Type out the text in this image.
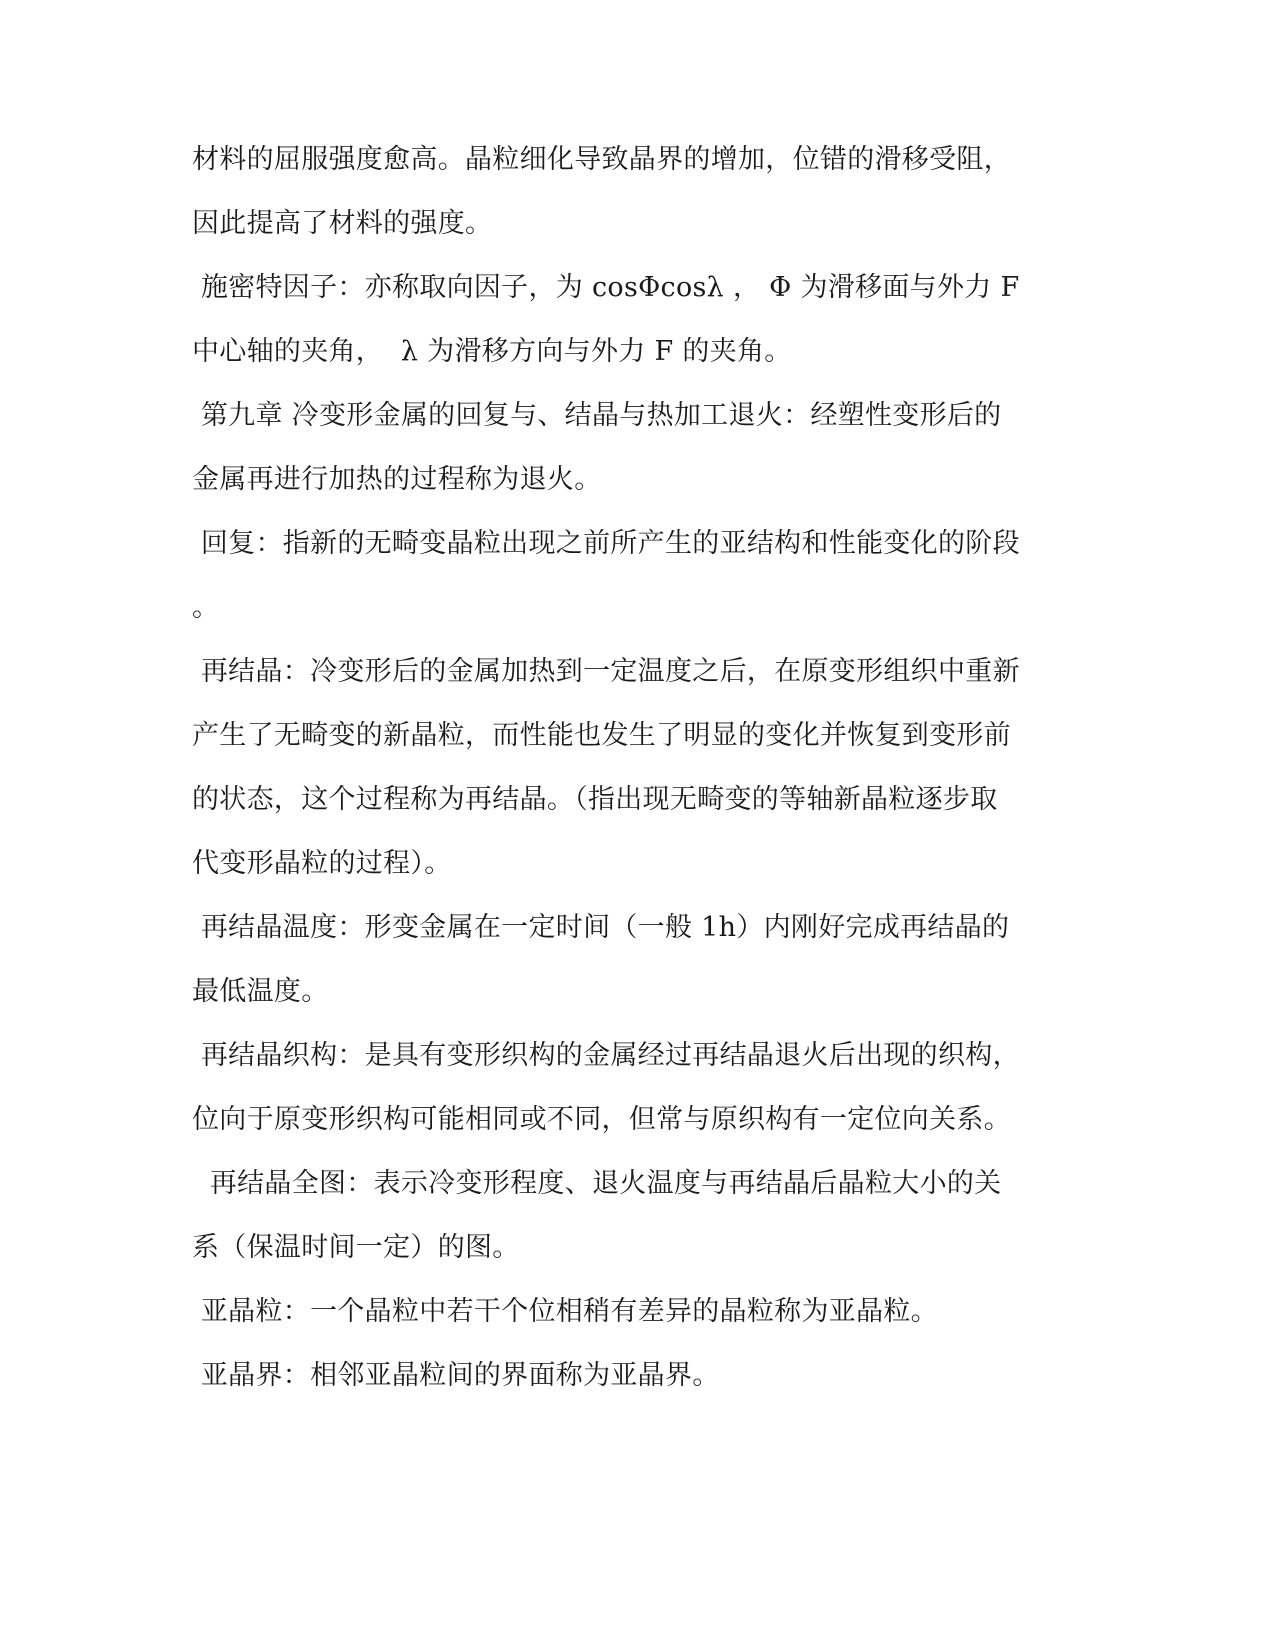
材料的屈服强度愈高。晶粒细化导致晶界的增加，位错的滑移受阻，
因此提高了材料的强度。
施密特因子：亦称取向因子，为 cosΦcosλ ， Φ 为滑移面与外力 F
中心轴的夹角，  λ 为滑移方向与外力 F 的夹角。
第九章 冷变形金属的回复与、结晶与热加工退火：经塑性变形后的
金属再进行加热的过程称为退火。
回复：指新的无畸变晶粒出现之前所产生的亚结构和性能变化的阶段
。
再结晶：冷变形后的金属加热到一定温度之后，在原变形组织中重新
产生了无畸变的新晶粒，而性能也发生了明显的变化并恢复到变形前
的状态，这个过程称为再结晶。（指出现无畸变的等轴新晶粒逐步取
代变形晶粒的过程）。
再结晶温度：形变金属在一定时间（一般 1h）内刚好完成再结晶的
最低温度。
再结晶织构：是具有变形织构的金属经过再结晶退火后出现的织构，
位向于原变形织构可能相同或不同，但常与原织构有一定位向关系。
再结晶全图：表示冷变形程度、退火温度与再结晶后晶粒大小的关
系（保温时间一定）的图。
亚晶粒：一个晶粒中若干个位相稍有差异的晶粒称为亚晶粒。
亚晶界：相邻亚晶粒间的界面称为亚晶界。
